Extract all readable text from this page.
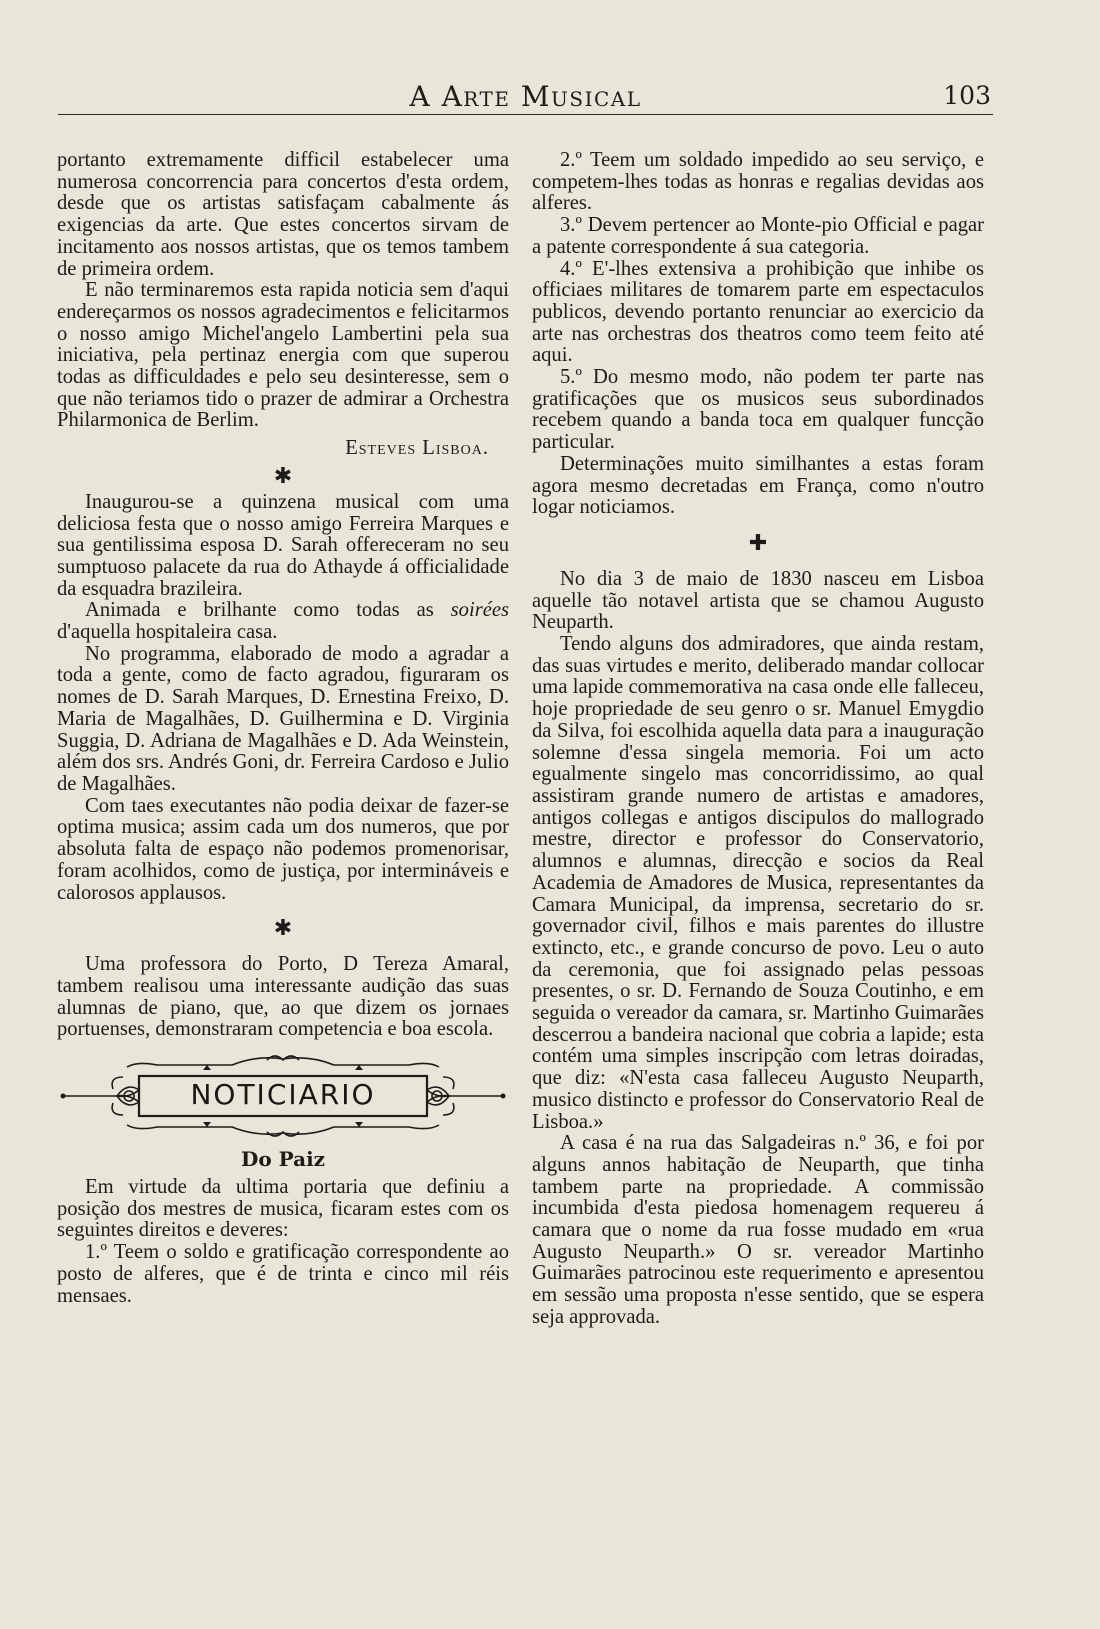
A Arte Musical	103

portanto extremamente difficil estabelecer uma numerosa concorrencia para concertos d'esta ordem, desde que os artistas satisfaçam cabalmente ás exigencias da arte. Que estes concertos sirvam de incitamento aos nossos artistas, que os temos tambem de primeira ordem.

E não terminaremos esta rapida noticia sem d'aqui endereçarmos os nossos agradecimentos e felicitarmos o nosso amigo Michel'angelo Lambertini pela sua iniciativa, pela pertinaz energia com que superou todas as difficuldades e pelo seu desinteresse, sem o que não teriamos tido o prazer de admirar a Orchestra Philarmonica de Berlim.

Esteves Lisboa.
✱

Inaugurou-se a quinzena musical com uma deliciosa festa que o nosso amigo Ferreira Marques e sua gentilissima esposa D. Sarah offereceram no seu sumptuoso palacete da rua do Athayde á officialidade da esquadra brazileira.

Animada e brilhante como todas as soirées d'aquella hospitaleira casa.

No programma, elaborado de modo a agradar a toda a gente, como de facto agradou, figuraram os nomes de D. Sarah Marques, D. Ernestina Freixo, D. Maria de Magalhães, D. Guilhermina e D. Virginia Suggia, D. Adriana de Magalhães e D. Ada Weinstein, além dos srs. Andrés Goni, dr. Ferreira Cardoso e Julio de Magalhães.

Com taes executantes não podia deixar de fazer-se optima musica; assim cada um dos numeros, que por absoluta falta de espaço não podemos promenorisar, foram acolhidos, como de justiça, por intermináveis e calorosos applausos.

✱

Uma professora do Porto, D Tereza Amaral, tambem realisou uma interessante audição das suas alumnas de piano, que, ao que dizem os jornaes portuenses, demonstraram competencia e boa escola.

NOTICIARIO
Do Paiz

Em virtude da ultima portaria que definiu a posição dos mestres de musica, ficaram estes com os seguintes direitos e deveres:

1.º Teem o soldo e gratificação correspondente ao posto de alferes, que é de trinta e cinco mil réis mensaes.
2.º Teem um soldado impedido ao seu serviço, e competem-lhes todas as honras e regalias devidas aos alferes.
3.º Devem pertencer ao Monte-pio Official e pagar a patente correspondente á sua categoria.
4.º E'-lhes extensiva a prohibição que inhibe os officiaes militares de tomarem parte em espectaculos publicos, devendo portanto renunciar ao exercicio da arte nas orchestras dos theatros como teem feito até aqui.
5.º Do mesmo modo, não podem ter parte nas gratificações que os musicos seus subordinados recebem quando a banda toca em qualquer funcção particular.

Determinações muito similhantes a estas foram agora mesmo decretadas em França, como n'outro logar noticiamos.

✚

No dia 3 de maio de 1830 nasceu em Lisboa aquelle tão notavel artista que se chamou Augusto Neuparth.

Tendo alguns dos admiradores, que ainda restam, das suas virtudes e merito, deliberado mandar collocar uma lapide commemorativa na casa onde elle falleceu, hoje propriedade de seu genro o sr. Manuel Emygdio da Silva, foi escolhida aquella data para a inauguração solemne d'essa singela memoria. Foi um acto egualmente singelo mas concorridissimo, ao qual assistiram grande numero de artistas e amadores, antigos collegas e antigos discipulos do mallogrado mestre, director e professor do Conservatorio, alumnos e alumnas, direcção e socios da Real Academia de Amadores de Musica, representantes da Camara Municipal, da imprensa, secretario do sr. governador civil, filhos e mais parentes do illustre extincto, etc., e grande concurso de povo. Leu o auto da ceremonia, que foi assignado pelas pessoas presentes, o sr. D. Fernando de Souza Coutinho, e em seguida o vereador da camara, sr. Martinho Guimarães descerrou a bandeira nacional que cobria a lapide; esta contém uma simples inscripção com letras doiradas, que diz: «N'esta casa falleceu Augusto Neuparth, musico distincto e professor do Conservatorio Real de Lisboa.»

A casa é na rua das Salgadeiras n.º 36, e foi por alguns annos habitação de Neuparth, que tinha tambem parte na propriedade. A commissão incumbida d'esta piedosa homenagem requereu á camara que o nome da rua fosse mudado em «rua Augusto Neuparth.» O sr. vereador Martinho Guimarães patrocinou este requerimento e apresentou em sessão uma proposta n'esse sentido, que se espera seja approvada.
